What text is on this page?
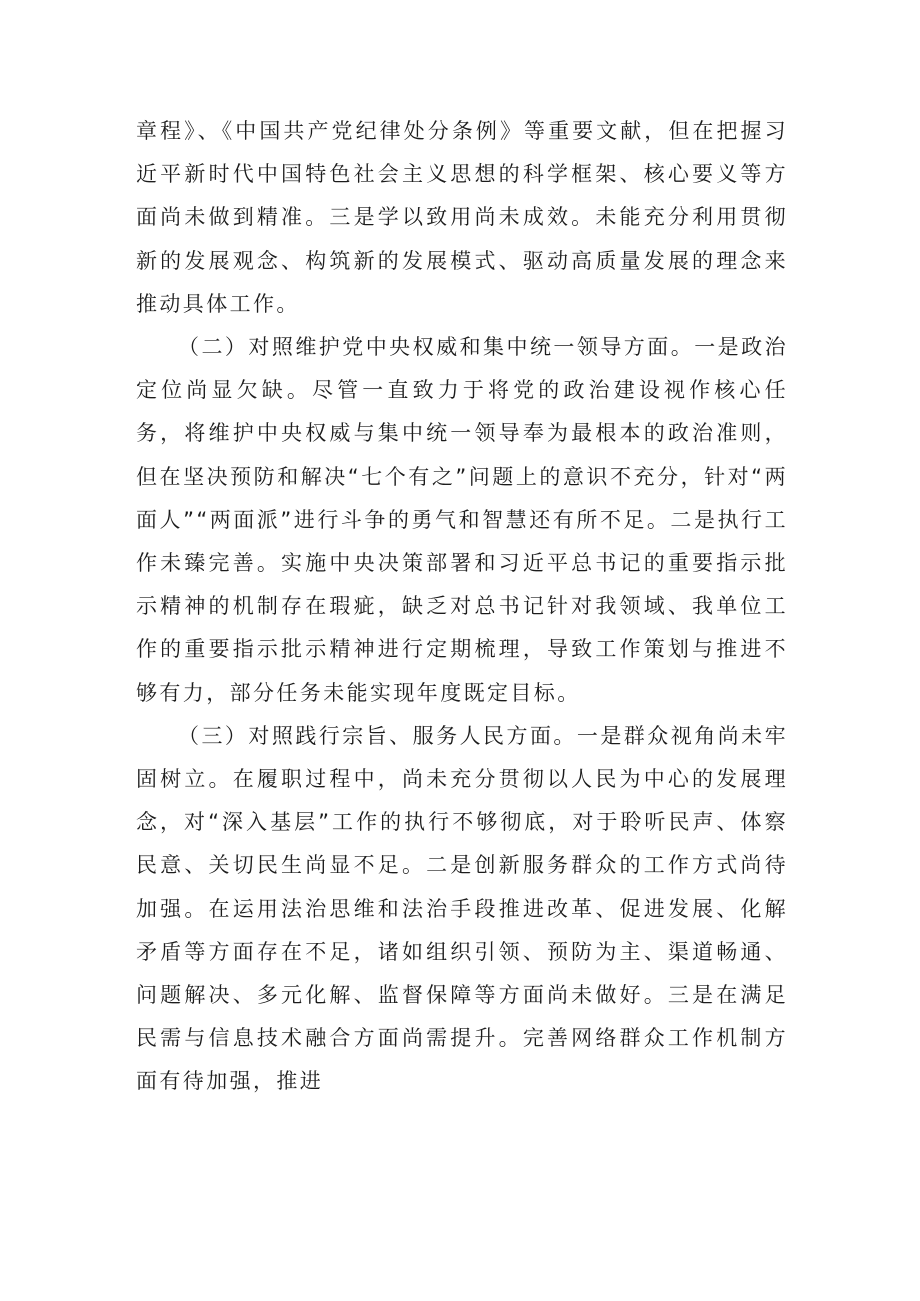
章程》、《中国共产党纪律处分条例》等重要文献，但在把握习近平新时代中国特色社会主义思想的科学框架、核心要义等方面尚未做到精准。三是学以致用尚未成效。未能充分利用贯彻新的发展观念、构筑新的发展模式、驱动高质量发展的理念来推动具体工作。

（二）对照维护党中央权威和集中统一领导方面。一是政治定位尚显欠缺。尽管一直致力于将党的政治建设视作核心任务，将维护中央权威与集中统一领导奉为最根本的政治准则，但在坚决预防和解决“七个有之”问题上的意识不充分，针对“两面人”“两面派”进行斗争的勇气和智慧还有所不足。二是执行工作未臻完善。实施中央决策部署和习近平总书记的重要指示批示精神的机制存在瑕疵，缺乏对总书记针对我领域、我单位工作的重要指示批示精神进行定期梳理，导致工作策划与推进不够有力，部分任务未能实现年度既定目标。

（三）对照践行宗旨、服务人民方面。一是群众视角尚未牢固树立。在履职过程中，尚未充分贯彻以人民为中心的发展理念，对“深入基层”工作的执行不够彻底，对于聆听民声、体察民意、关切民生尚显不足。二是创新服务群众的工作方式尚待加强。在运用法治思维和法治手段推进改革、促进发展、化解矛盾等方面存在不足，诸如组织引领、预防为主、渠道畅通、问题解决、多元化解、监督保障等方面尚未做好。三是在满足民需与信息技术融合方面尚需提升。完善网络群众工作机制方面有待加强，推进
